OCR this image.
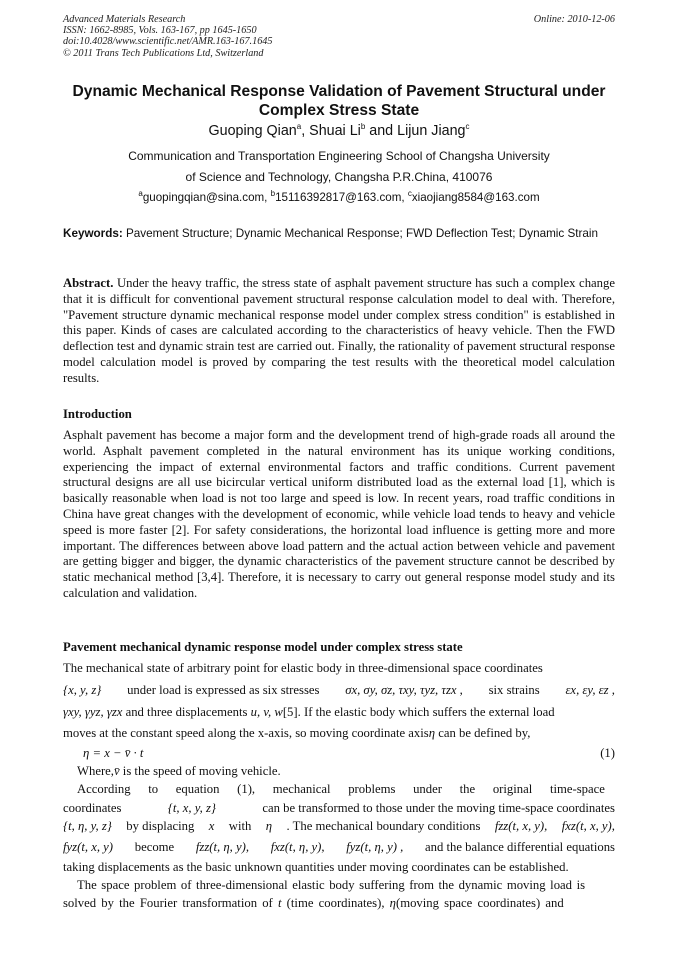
Advanced Materials Research
ISSN: 1662-8985, Vols. 163-167, pp 1645-1650
doi:10.4028/www.scientific.net/AMR.163-167.1645
© 2011 Trans Tech Publications Ltd, Switzerland
Online: 2010-12-06
Dynamic Mechanical Response Validation of Pavement Structural under
Complex Stress State
Guoping Qian$^a$, Shuai Li$^b$ and Lijun Jiang$^c$
Communication and Transportation Engineering School of Changsha University
of Science and Technology, Changsha P.R.China, 410076
$^a$guopingqian@sina.com, $^b$15116392817@163.com, $^c$xiaojiang8584@163.com
Keywords: Pavement Structure; Dynamic Mechanical Response; FWD Deflection Test; Dynamic Strain
Abstract. Under the heavy traffic, the stress state of asphalt pavement structure has such a complex change that it is difficult for conventional pavement structural response calculation model to deal with. Therefore, "Pavement structure dynamic mechanical response model under complex stress condition" is established in this paper. Kinds of cases are calculated according to the characteristics of heavy vehicle. Then the FWD deflection test and dynamic strain test are carried out. Finally, the rationality of pavement structural response model calculation model is proved by comparing the test results with the theoretical model calculation results.
Introduction
Asphalt pavement has become a major form and the development trend of high-grade roads all around the world. Asphalt pavement completed in the natural environment has its unique working conditions, experiencing the impact of external environmental factors and traffic conditions. Current pavement structural designs are all use bicircular vertical uniform distributed load as the external load [1], which is basically reasonable when load is not too large and speed is low. In recent years, road traffic conditions in China have great changes with the development of economic, while vehicle load tends to heavy and vehicle speed is more faster [2]. For safety considerations, the horizontal load influence is getting more and more important. The differences between above load pattern and the actual action between vehicle and pavement are getting bigger and bigger, the dynamic characteristics of the pavement structure cannot be described by static mechanical method [3,4]. Therefore, it is necessary to carry out general response model study and its calculation and validation.
Pavement mechanical dynamic response model under complex stress state
The mechanical state of arbitrary point for elastic body in three-dimensional space coordinates
{x, y, z} under load is expressed as six stresses σx, σy, σz, τxy, τyz, τzx , six strains εx, εy, εz ,
γxy, γyz, γzx and three displacements u, v, w[5]. If the elastic body which suffers the external load
moves at the constant speed along the x-axis, so moving coordinate axisη can be defined by,
η = x − v̄ · t	(1)
Where,v̄ is the speed of moving vehicle.
According to equation (1), mechanical problems under the original time-space
coordinates	{t, x, y, z}	can be transformed to those under the moving time-space coordinates
{t, η, y, z} by displacing x with η . The mechanical boundary conditions fzz(t, x, y), fxz(t, x, y),
fyz(t, x, y) become fzz(t, η, y), fxz(t, η, y), fyz(t, η, y) , and the balance differential equations
taking displacements as the basic unknown quantities under moving coordinates can be established.
The space problem of three-dimensional elastic body suffering from the dynamic moving load is
solved by the Fourier transformation of t (time coordinates), η(moving space coordinates) and
